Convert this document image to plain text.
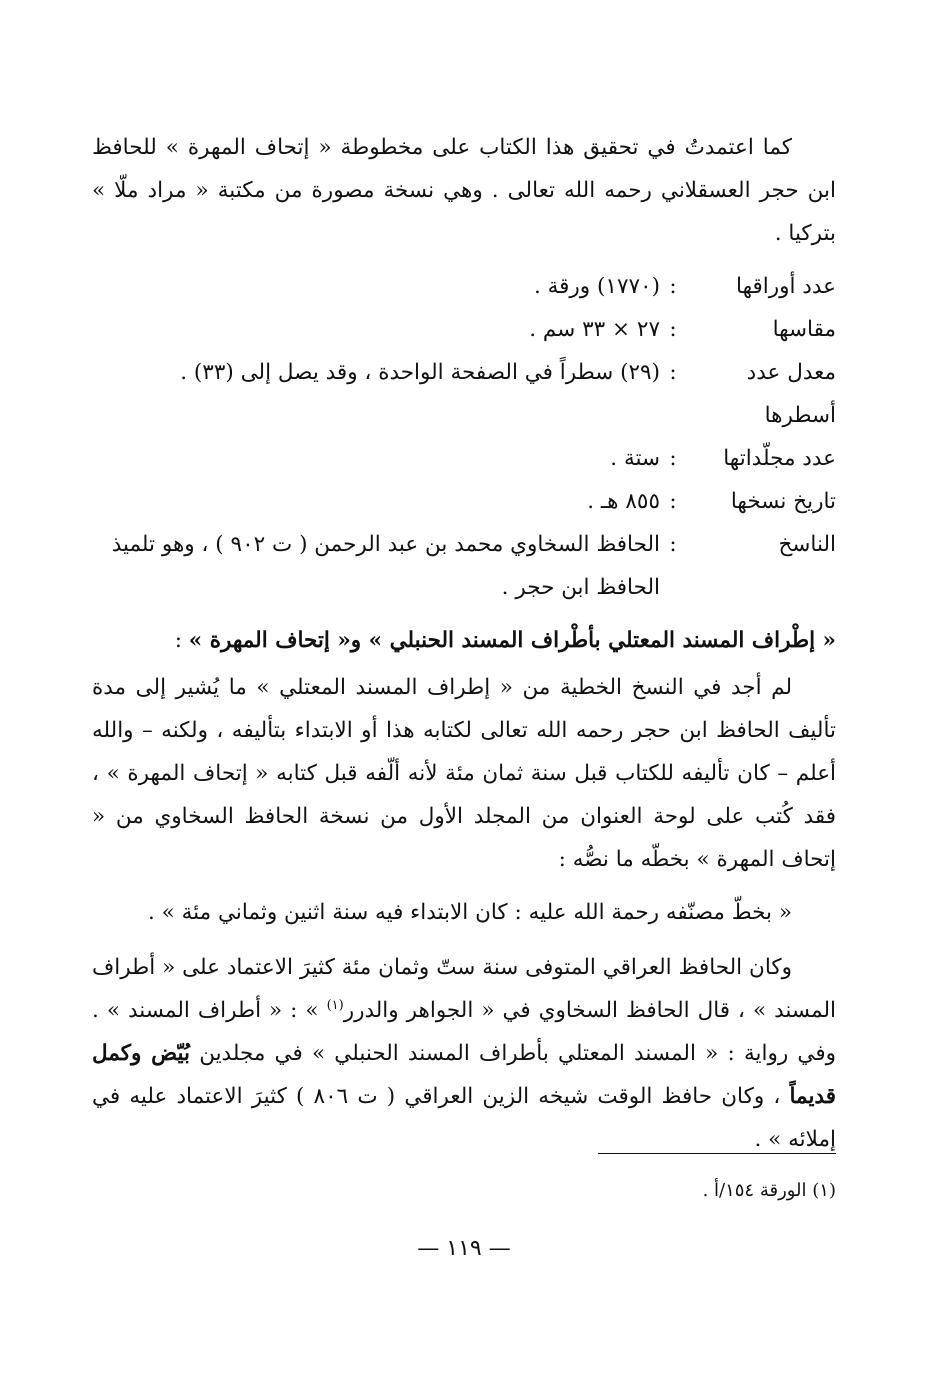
كما اعتمدتُ في تحقيق هذا الكتاب على مخطوطة « إتحاف المهرة » للحافظ ابن حجر العسقلاني رحمه الله تعالى . وهي نسخة مصورة من مكتبة « مراد ملّا » بتركيا .

عدد أوراقها
:
(١٧٧٠) ورقة .
مقاسها
:
٢٧ × ٣٣ سم .
معدل عدد أسطرها
:
(٢٩) سطراً في الصفحة الواحدة ، وقد يصل إلى (٣٣) .
عدد مجلّداتها
:
ستة .
تاريخ نسخها
:
٨٥٥ هـ .
الناسخ
:
الحافظ السخاوي محمد بن عبد الرحمن ( ت ٩٠٢ ) ، وهو تلميذ الحافظ ابن حجر .

« إطْراف المسند المعتلي بأطْراف المسند الحنبلي » و« إتحاف المهرة » :

لم أجد في النسخ الخطية من « إطراف المسند المعتلي » ما يُشير إلى مدة تأليف الحافظ ابن حجر رحمه الله تعالى لكتابه هذا أو الابتداء بتأليفه ، ولكنه – والله أعلم – كان تأليفه للكتاب قبل سنة ثمان مئة لأنه ألّفه قبل كتابه « إتحاف المهرة » ، فقد كُتب على لوحة العنوان من المجلد الأول من نسخة الحافظ السخاوي من « إتحاف المهرة » بخطّه ما نصُّه :

« بخطّ مصنّفه رحمة الله عليه : كان الابتداء فيه سنة اثنين وثماني مئة » .

وكان الحافظ العراقي المتوفى سنة ستّ وثمان مئة كثيرَ الاعتماد على « أطراف المسند » ، قال الحافظ السخاوي في « الجواهر والدرر$^{(١)}$ » : « أطراف المسند » . وفي رواية : « المسند المعتلي بأطراف المسند الحنبلي » في مجلدين بُيّض وكمل قديماً ، وكان حافظ الوقت شيخه الزين العراقي ( ت ٨٠٦ ) كثيرَ الاعتماد عليه في إملائه » .

(١) الورقة ١٥٤/أ .
— ١١٩ —
